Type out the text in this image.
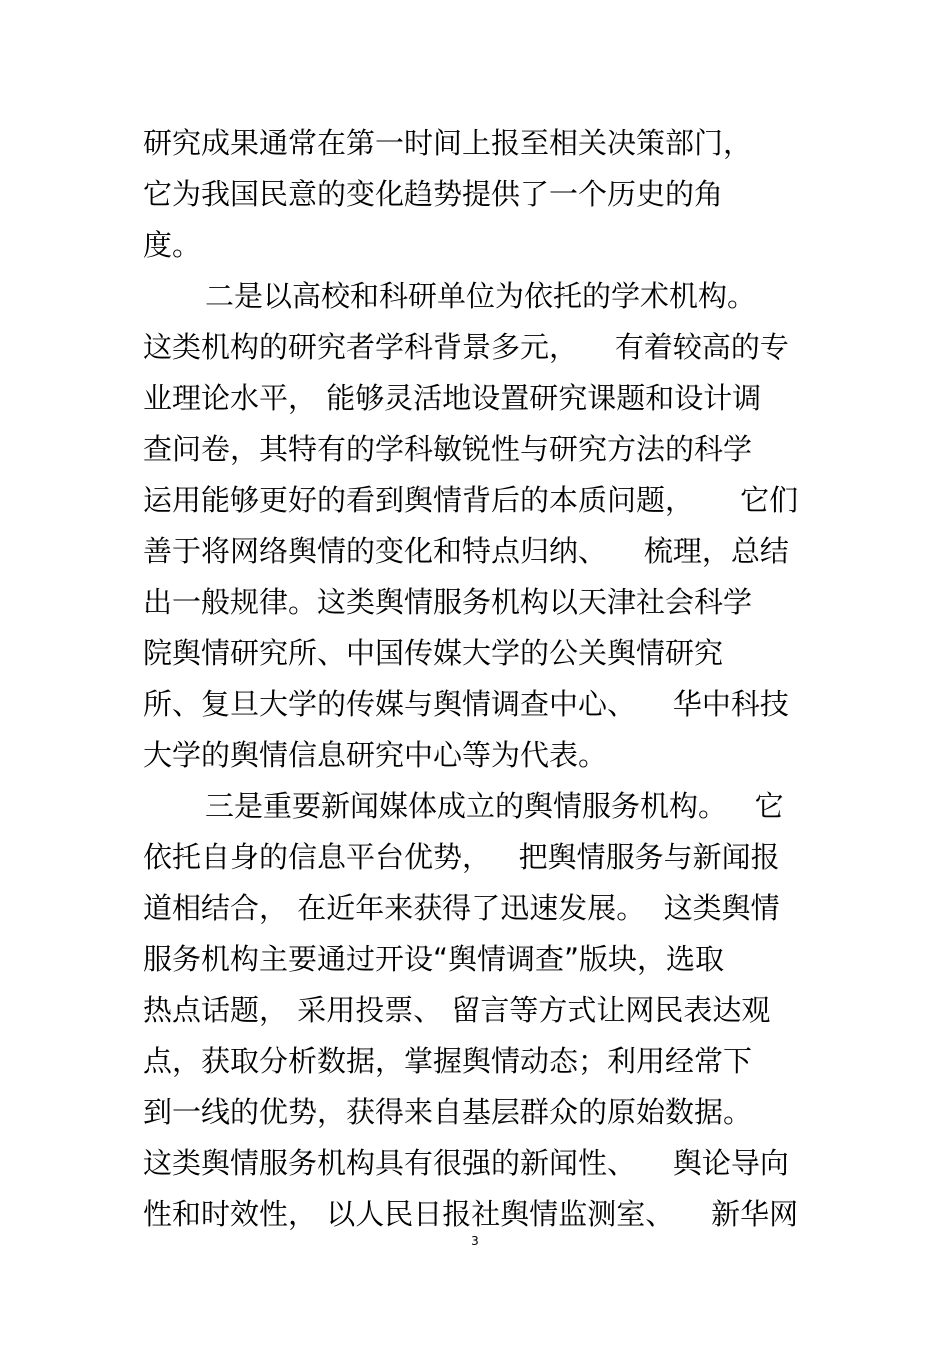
研究成果通常在第一时间上报至相关决策部门，
它为我国民意的变化趋势提供了一个历史的角
度。
二是以高校和科研单位为依托的学术机构。
这类机构的研究者学科背景多元，    有着较高的专
业理论水平， 能够灵活地设置研究课题和设计调
查问卷，其特有的学科敏锐性与研究方法的科学
运用能够更好的看到舆情背后的本质问题，     它们
善于将网络舆情的变化和特点归纳、    梳理，总结
出一般规律。这类舆情服务机构以天津社会科学
院舆情研究所、中国传媒大学的公关舆情研究
所、复旦大学的传媒与舆情调查中心、    华中科技
大学的舆情信息研究中心等为代表。
三是重要新闻媒体成立的舆情服务机构。   它
依托自身的信息平台优势，   把舆情服务与新闻报
道相结合， 在近年来获得了迅速发展。  这类舆情
服务机构主要通过开设“舆情调查”版块，选取
热点话题， 采用投票、 留言等方式让网民表达观
点，获取分析数据，掌握舆情动态；利用经常下
到一线的优势，获得来自基层群众的原始数据。
这类舆情服务机构具有很强的新闻性、    舆论导向
性和时效性， 以人民日报社舆情监测室、    新华网
3
